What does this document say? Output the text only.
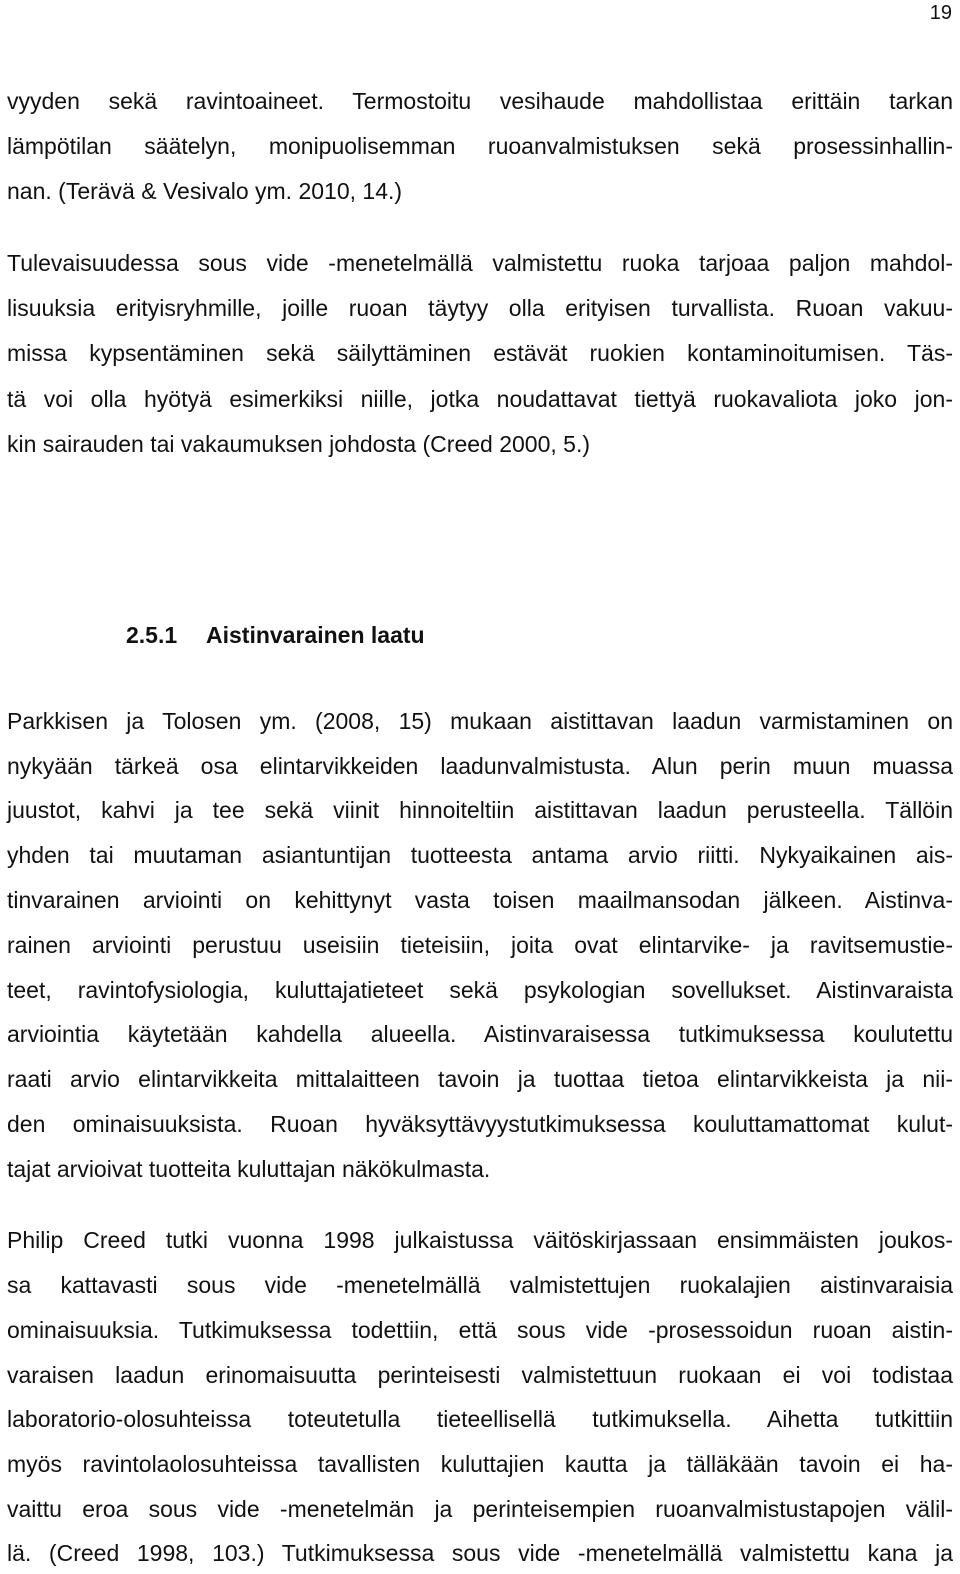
19
vyyden sekä ravintoaineet. Termostoitu vesihaude mahdollistaa erittäin tarkan
lämpötilan säätelyn, monipuolisemman ruoanvalmistuksen sekä prosessinhallin-
nan. (Terävä & Vesivalo ym. 2010, 14.)
Tulevaisuudessa sous vide -menetelmällä valmistettu ruoka tarjoaa paljon mahdol-
lisuuksia erityisryhmille, joille ruoan täytyy olla erityisen turvallista. Ruoan vakuu-
missa kypsentäminen sekä säilyttäminen estävät ruokien kontaminoitumisen. Täs-
tä voi olla hyötyä esimerkiksi niille, jotka noudattavat tiettyä ruokavaliota joko jon-
kin sairauden tai vakaumuksen johdosta (Creed 2000, 5.)
2.5.1 Aistinvarainen laatu
Parkkisen ja Tolosen ym. (2008, 15) mukaan aistittavan laadun varmistaminen on
nykyään tärkeä osa elintarvikkeiden laadunvalmistusta. Alun perin muun muassa
juustot, kahvi ja tee sekä viinit hinnoiteltiin aistittavan laadun perusteella. Tällöin
yhden tai muutaman asiantuntijan tuotteesta antama arvio riitti. Nykyaikainen ais-
tinvarainen arviointi on kehittynyt vasta toisen maailmansodan jälkeen. Aistinva-
rainen arviointi perustuu useisiin tieteisiin, joita ovat elintarvike- ja ravitsemustie-
teet, ravintofysiologia, kuluttajatieteet sekä psykologian sovellukset. Aistinvaraista
arviointia käytetään kahdella alueella. Aistinvaraisessa tutkimuksessa koulutettu
raati arvio elintarvikkeita mittalaitteen tavoin ja tuottaa tietoa elintarvikkeista ja nii-
den ominaisuuksista. Ruoan hyväksyttävyystutkimuksessa kouluttamattomat kulut-
tajat arvioivat tuotteita kuluttajan näkökulmasta.
Philip Creed tutki vuonna 1998 julkaistussa väitöskirjassaan ensimmäisten joukos-
sa kattavasti sous vide -menetelmällä valmistettujen ruokalajien aistinvaraisia
ominaisuuksia. Tutkimuksessa todettiin, että sous vide -prosessoidun ruoan aistin-
varaisen laadun erinomaisuutta perinteisesti valmistettuun ruokaan ei voi todistaa
laboratorio-olosuhteissa toteutetulla tieteellisellä tutkimuksella. Aihetta tutkittiin
myös ravintolaolosuhteissa tavallisten kuluttajien kautta ja tälläkään tavoin ei ha-
vaittu eroa sous vide -menetelmän ja perinteisempien ruoanvalmistustapojen välil-
lä. (Creed 1998, 103.) Tutkimuksessa sous vide -menetelmällä valmistettu kana ja
